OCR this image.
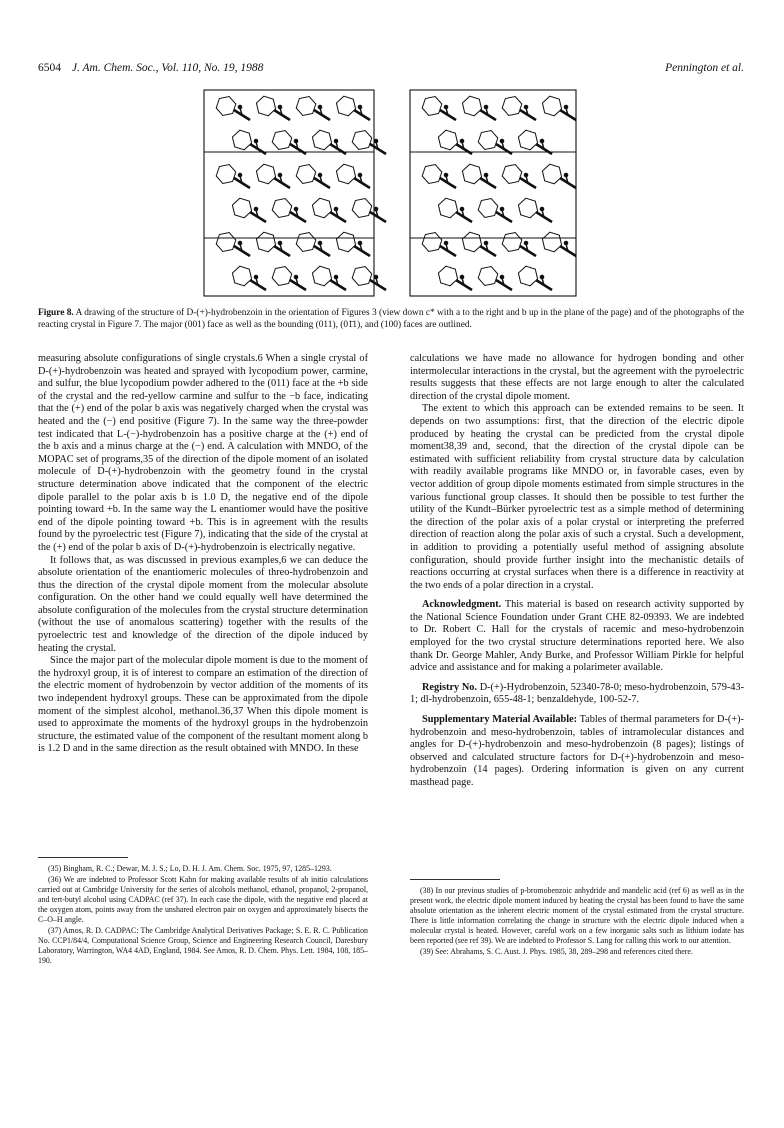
6504 J. Am. Chem. Soc., Vol. 110, No. 19, 1988	Pennington et al.
Figure 8. A drawing of the structure of D-(+)-hydrobenzoin in the orientation of Figures 3 (view down c* with a to the right and b up in the plane of the page) and of the photographs of the reacting crystal in Figure 7. The major (001) face as well as the bounding (011), (01̄1), and (100) faces are outlined.

measuring absolute configurations of single crystals.6 When a single crystal of D-(+)-hydrobenzoin was heated and sprayed with lycopodium power, carmine, and sulfur, the blue lycopodium powder adhered to the (011) face at the +b side of the crystal and the red-yellow carmine and sulfur to the −b face, indicating that the (+) end of the polar b axis was negatively charged when the crystal was heated and the (−) end positive (Figure 7). In the same way the three-powder test indicated that L-(−)-hydrobenzoin has a positive charge at the (+) end of the b axis and a minus charge at the (−) end. A calculation with MNDO, of the MOPAC set of programs,35 of the direction of the dipole moment of an isolated molecule of D-(+)-hydrobenzoin with the geometry found in the crystal structure determination above indicated that the component of the electric dipole parallel to the polar axis b is 1.0 D, the negative end of the dipole pointing toward +b. In the same way the L enantiomer would have the positive end of the dipole pointing toward +b. This is in agreement with the results found by the pyroelectric test (Figure 7), indicating that the side of the crystal at the (+) end of the polar b axis of D-(+)-hydrobenzoin is electrically negative.

It follows that, as was discussed in previous examples,6 we can deduce the absolute orientation of the enantiomeric molecules of threo-hydrobenzoin and thus the direction of the crystal dipole moment from the molecular absolute configuration. On the other hand we could equally well have determined the absolute configuration of the molecules from the crystal structure determination (without the use of anomalous scattering) together with the results of the pyroelectric test and knowledge of the direction of the dipole induced by heating the crystal.

Since the major part of the molecular dipole moment is due to the moment of the hydroxyl group, it is of interest to compare an estimation of the direction of the electric moment of hydrobenzoin by vector addition of the moments of its two independent hydroxyl groups. These can be approximated from the dipole moment of the simplest alcohol, methanol.36,37 When this dipole moment is used to approximate the moments of the hydroxyl groups in the hydrobenzoin structure, the estimated value of the component of the resultant moment along b is 1.2 D and in the same direction as the result obtained with MNDO. In these

calculations we have made no allowance for hydrogen bonding and other intermolecular interactions in the crystal, but the agreement with the pyroelectric results suggests that these effects are not large enough to alter the calculated direction of the crystal dipole moment.

The extent to which this approach can be extended remains to be seen. It depends on two assumptions: first, that the direction of the electric dipole produced by heating the crystal can be predicted from the crystal dipole moment38,39 and, second, that the direction of the crystal dipole can be estimated with sufficient reliability from crystal structure data by calculation with readily available programs like MNDO or, in favorable cases, even by vector addition of group dipole moments estimated from simple structures in the various functional group classes. It should then be possible to test further the utility of the Kundt–Bürker pyroelectric test as a simple method of determining the direction of the polar axis of a polar crystal or interpreting the preferred direction of reaction along the polar axis of such a crystal. Such a development, in addition to providing a potentially useful method of assigning absolute configuration, should provide further insight into the mechanistic details of reactions occurring at crystal surfaces when there is a difference in reactivity at the two ends of a polar direction in a crystal.

Acknowledgment. This material is based on research activity supported by the National Science Foundation under Grant CHE 82-09393. We are indebted to Dr. Robert C. Hall for the crystals of racemic and meso-hydrobenzoin employed for the two crystal structure determinations reported here. We also thank Dr. George Mahler, Andy Burke, and Professor William Pirkle for helpful advice and assistance and for making a polarimeter available.

Registry No. D-(+)-Hydrobenzoin, 52340-78-0; meso-hydrobenzoin, 579-43-1; dl-hydrobenzoin, 655-48-1; benzaldehyde, 100-52-7.

Supplementary Material Available: Tables of thermal parameters for D-(+)-hydrobenzoin and meso-hydrobenzoin, tables of intramolecular distances and angles for D-(+)-hydrobenzoin and meso-hydrobenzoin (8 pages); listings of observed and calculated structure factors for D-(+)-hydrobenzoin and meso-hydrobenzoin (14 pages). Ordering information is given on any current masthead page.

(35) Bingham, R. C.; Dewar, M. J. S.; Lo, D. H. J. Am. Chem. Soc. 1975, 97, 1285–1293.

(36) We are indebted to Professor Scott Kahn for making available results of ab initio calculations carried out at Cambridge University for the series of alcohols methanol, ethanol, propanol, 2-propanol, and tert-butyl alcohol using CADPAC (ref 37). In each case the dipole, with the negative end placed at the oxygen atom, points away from the unshared electron pair on oxygen and approximately bisects the C–O–H angle.

(37) Amos, R. D. CADPAC: The Cambridge Analytical Derivatives Package; S. E. R. C. Publication No. CCP1/84/4, Computational Science Group, Science and Engineering Research Council, Daresbury Laboratory, Warrington, WA4 4AD, England, 1984. See Amos, R. D. Chem. Phys. Lett. 1984, 108, 185–190.

(38) In our previous studies of p-bromobenzoic anhydride and mandelic acid (ref 6) as well as in the present work, the electric dipole moment induced by heating the crystal has been found to have the same absolute orientation as the inherent electric moment of the crystal estimated from the crystal structure. There is little information correlating the change in structure with the electric dipole induced when a molecular crystal is heated. However, careful work on a few inorganic salts such as lithium iodate has been reported (see ref 39). We are indebted to Professor S. Lang for calling this work to our attention.

(39) See: Abrahams, S. C. Aust. J. Phys. 1985, 38, 289–298 and references cited there.
